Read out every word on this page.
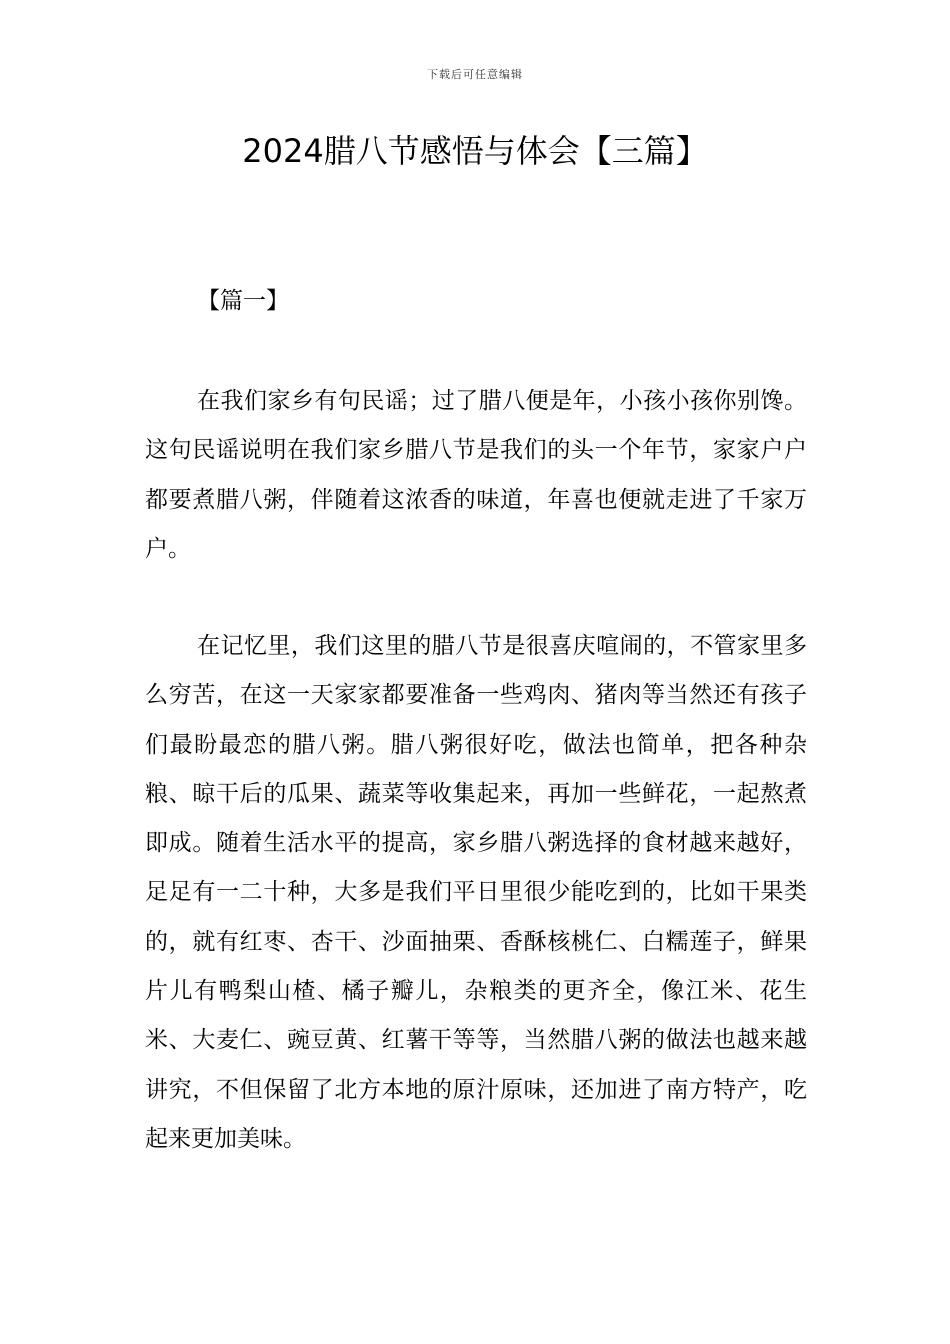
下载后可任意编辑
2024腊八节感悟与体会【三篇】
【篇一】

在我们家乡有句民谣；过了腊八便是年，小孩小孩你别馋。这句民谣说明在我们家乡腊八节是我们的头一个年节，家家户户都要煮腊八粥，伴随着这浓香的味道，年喜也便就走进了千家万户。

在记忆里，我们这里的腊八节是很喜庆喧闹的，不管家里多么穷苦，在这一天家家都要准备一些鸡肉、猪肉等当然还有孩子们最盼最恋的腊八粥。腊八粥很好吃，做法也简单，把各种杂粮、晾干后的瓜果、蔬菜等收集起来，再加一些鲜花，一起熬煮即成。随着生活水平的提高，家乡腊八粥选择的食材越来越好，足足有一二十种，大多是我们平日里很少能吃到的，比如干果类的，就有红枣、杏干、沙面抽栗、香酥核桃仁、白糯莲子，鲜果片儿有鸭梨山楂、橘子瓣儿，杂粮类的更齐全，像江米、花生米、大麦仁、豌豆黄、红薯干等等，当然腊八粥的做法也越来越讲究，不但保留了北方本地的原汁原味，还加进了南方特产，吃起来更加美味。
